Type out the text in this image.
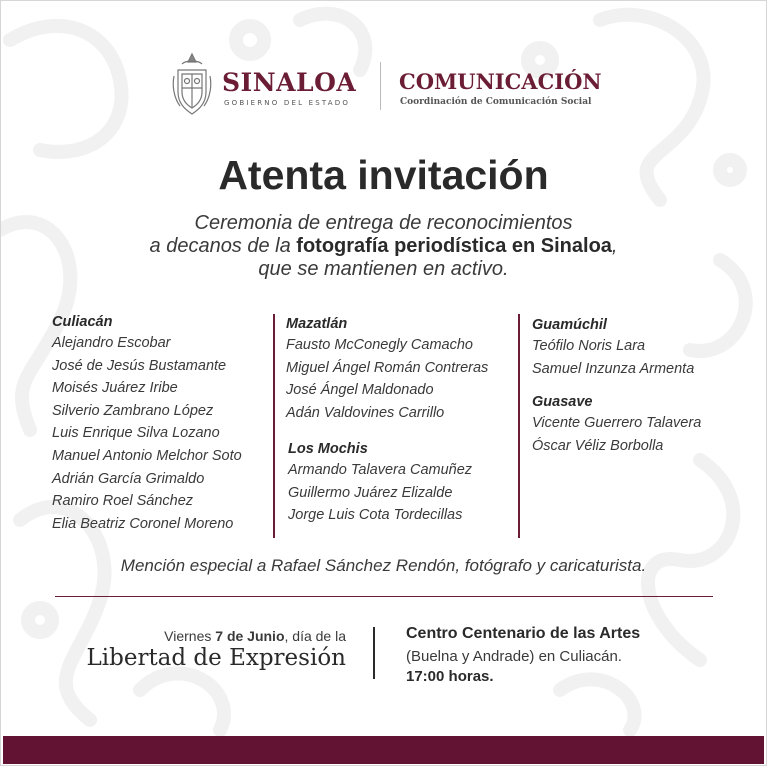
SINALOA
GOBIERNO DEL ESTADO
COMUNICACIÓN
Coordinación de Comunicación Social
Atenta invitación
Ceremonia de entrega de reconocimientos
a decanos de la fotografía periodística en Sinaloa,
que se mantienen en activo.
Culiacán
Alejandro Escobar
José de Jesús Bustamante
Moisés Juárez Iribe
Silverio Zambrano López
Luis Enrique Silva Lozano
Manuel Antonio Melchor Soto
Adrián García Grimaldo
Ramiro Roel Sánchez
Elia Beatriz Coronel Moreno
Mazatlán
Fausto McConegly Camacho
Miguel Ángel Román Contreras
José Ángel Maldonado
Adán Valdovines Carrillo
Los Mochis
Armando Talavera Camuñez
Guillermo Juárez Elizalde
Jorge Luis Cota Tordecillas
Guamúchil
Teófilo Noris Lara
Samuel Inzunza Armenta
Guasave
Vicente Guerrero Talavera
Óscar Véliz Borbolla
Mención especial a Rafael Sánchez Rendón, fotógrafo y caricaturista.
Viernes 7 de Junio, día de la
Libertad de Expresión
Centro Centenario de las Artes
(Buelna y Andrade) en Culiacán.
17:00 horas.
